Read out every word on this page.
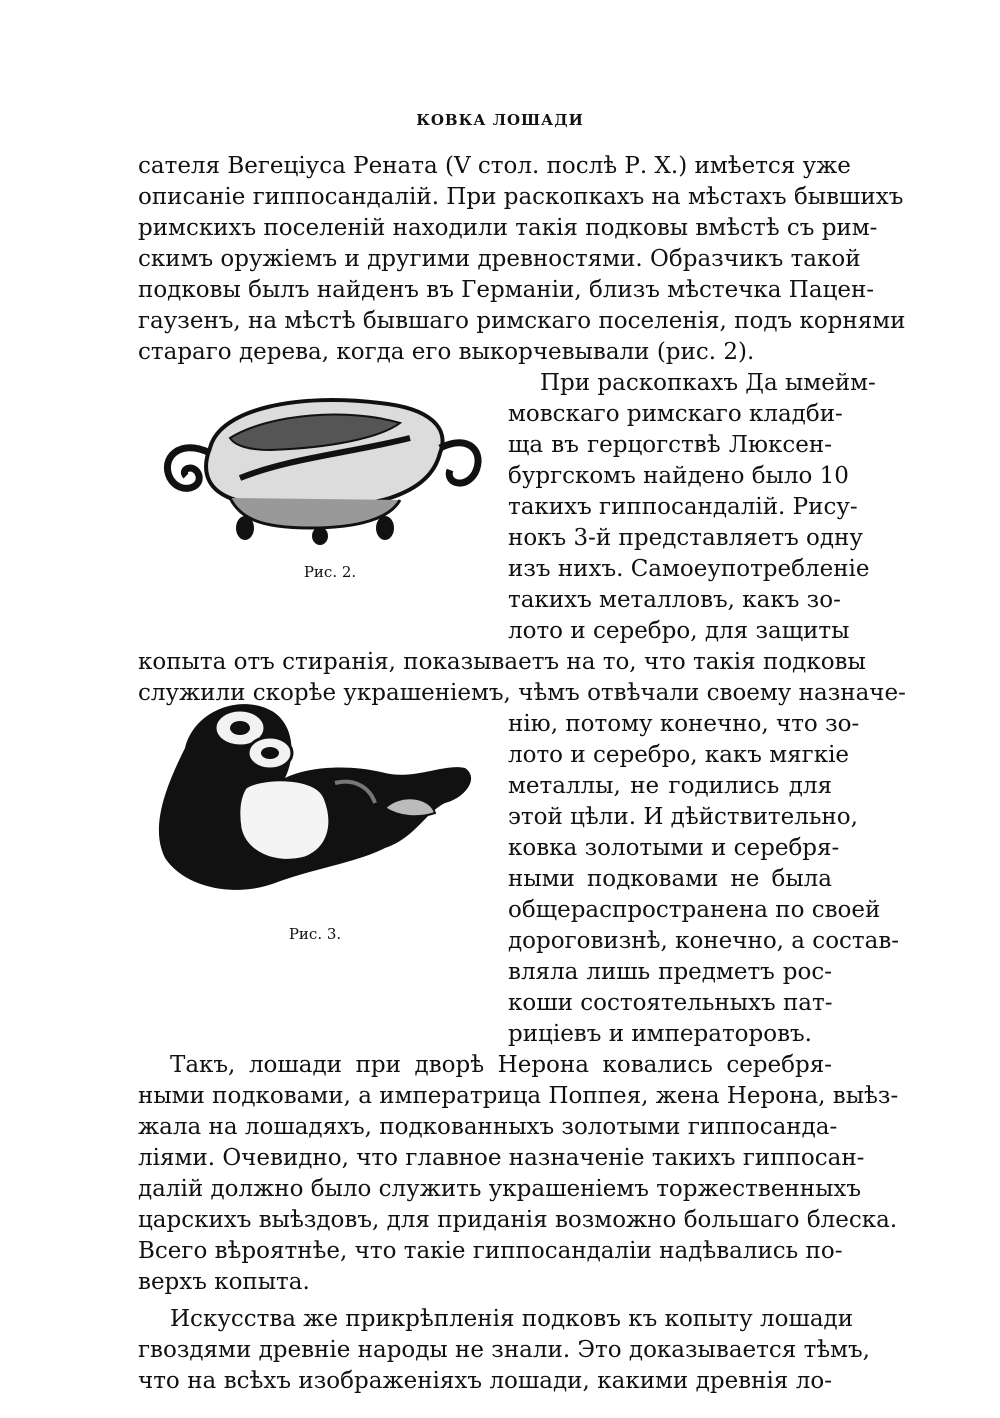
КОВКА ЛОШАДИ
сателя Вегеціуса Рената (V стол. послѣ Р. Х.) имѣется уже
описаніе гиппосандалій. При раскопкахъ на мѣстахъ бывшихъ
римскихъ поселеній находили такія подковы вмѣстѣ съ рим-
скимъ оружіемъ и другими древностями. Образчикъ такой
подковы былъ найденъ въ Германіи, близъ мѣстечка Пацен-
гаузенъ, на мѣстѣ бывшаго римскаго поселенія, подъ корнями
стараго дерева, когда его выкорчевывали (рис. 2).
При раскопкахъ Да ымейм-
мовскаго римскаго кладби-
ща въ герцогствѣ Люксен-
бургскомъ найдено было 10
такихъ гиппосандалій. Рису-
нокъ 3-й представляетъ одну
изъ нихъ. Самоеупотребленіе
такихъ металловъ, какъ зо-
лото и серебро, для защиты
копыта отъ стиранія, показываетъ на то, что такія подковы
служили скорѣе украшеніемъ, чѣмъ отвѣчали своему назначе-
нію, потому конечно, что зо-
лото и серебро, какъ мягкіе
металлы, не годились для
этой цѣли. И дѣйствительно,
ковка золотыми и серебря-
ными подковами не была
общераспространена по своей
дороговизнѣ, конечно, а состав-
вляла лишь предметъ рос-
коши состоятельныхъ пат-
риціевъ и императоровъ.
Такъ, лошади при дворѣ Нерона ковались серебря-
ными подковами, а императрица Поппея, жена Нерона, выѣз-
жала на лошадяхъ, подкованныхъ золотыми гиппосанда-
ліями. Очевидно, что главное назначеніе такихъ гиппосан-
далій должно было служить украшеніемъ торжественныхъ
царскихъ выѣздовъ, для приданія возможно большаго блеска.
Всего вѣроятнѣе, что такіе гиппосандаліи надѣвались по-
верхъ копыта.
Искусства же прикрѣпленія подковъ къ копыту лошади
гвоздями древніе народы не знали. Это доказывается тѣмъ,
что на всѣхъ изображеніяхъ лошади, какими древнія ло-
Рис. 2.
Рис. 3.
